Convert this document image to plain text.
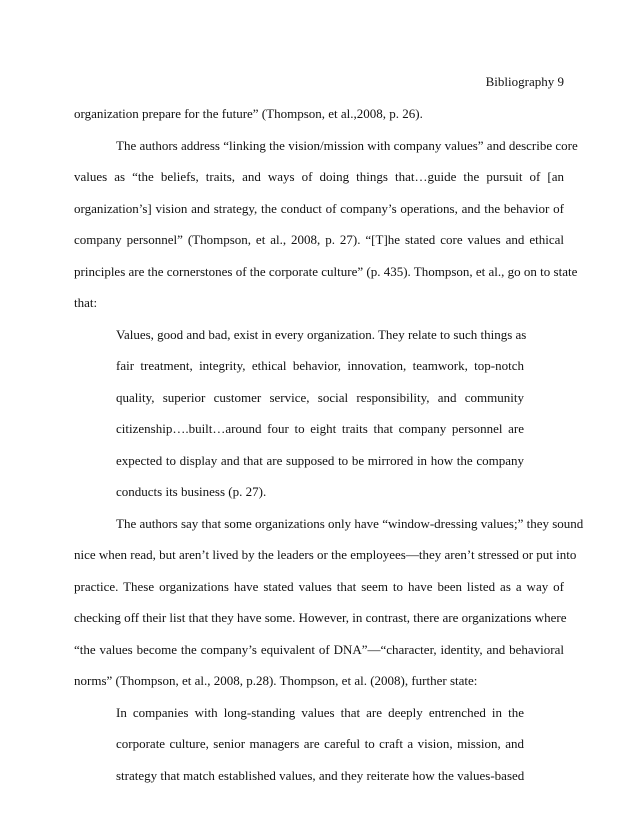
Bibliography 9

organization prepare for the future” (Thompson, et al.,2008, p. 26).

The authors address “linking the vision/mission with company values” and describe core
values as “the beliefs, traits, and ways of doing things that…guide the pursuit of [an
organization’s] vision and strategy, the conduct of company’s operations, and the behavior of
company personnel” (Thompson, et al., 2008, p. 27). “[T]he stated core values and ethical
principles are the cornerstones of the corporate culture” (p. 435). Thompson, et al., go on to state
that:

Values, good and bad, exist in every organization. They relate to such things as
fair treatment, integrity, ethical behavior, innovation, teamwork, top-notch
quality, superior customer service, social responsibility, and community
citizenship….built…around four to eight traits that company personnel are
expected to display and that are supposed to be mirrored in how the company
conducts its business (p. 27).

The authors say that some organizations only have “window-dressing values;” they sound
nice when read, but aren’t lived by the leaders or the employees—they aren’t stressed or put into
practice. These organizations have stated values that seem to have been listed as a way of
checking off their list that they have some. However, in contrast, there are organizations where
“the values become the company’s equivalent of DNA”—“character, identity, and behavioral
norms” (Thompson, et al., 2008, p.28). Thompson, et al. (2008), further state:

In companies with long-standing values that are deeply entrenched in the
corporate culture, senior managers are careful to craft a vision, mission, and
strategy that match established values, and they reiterate how the values-based
